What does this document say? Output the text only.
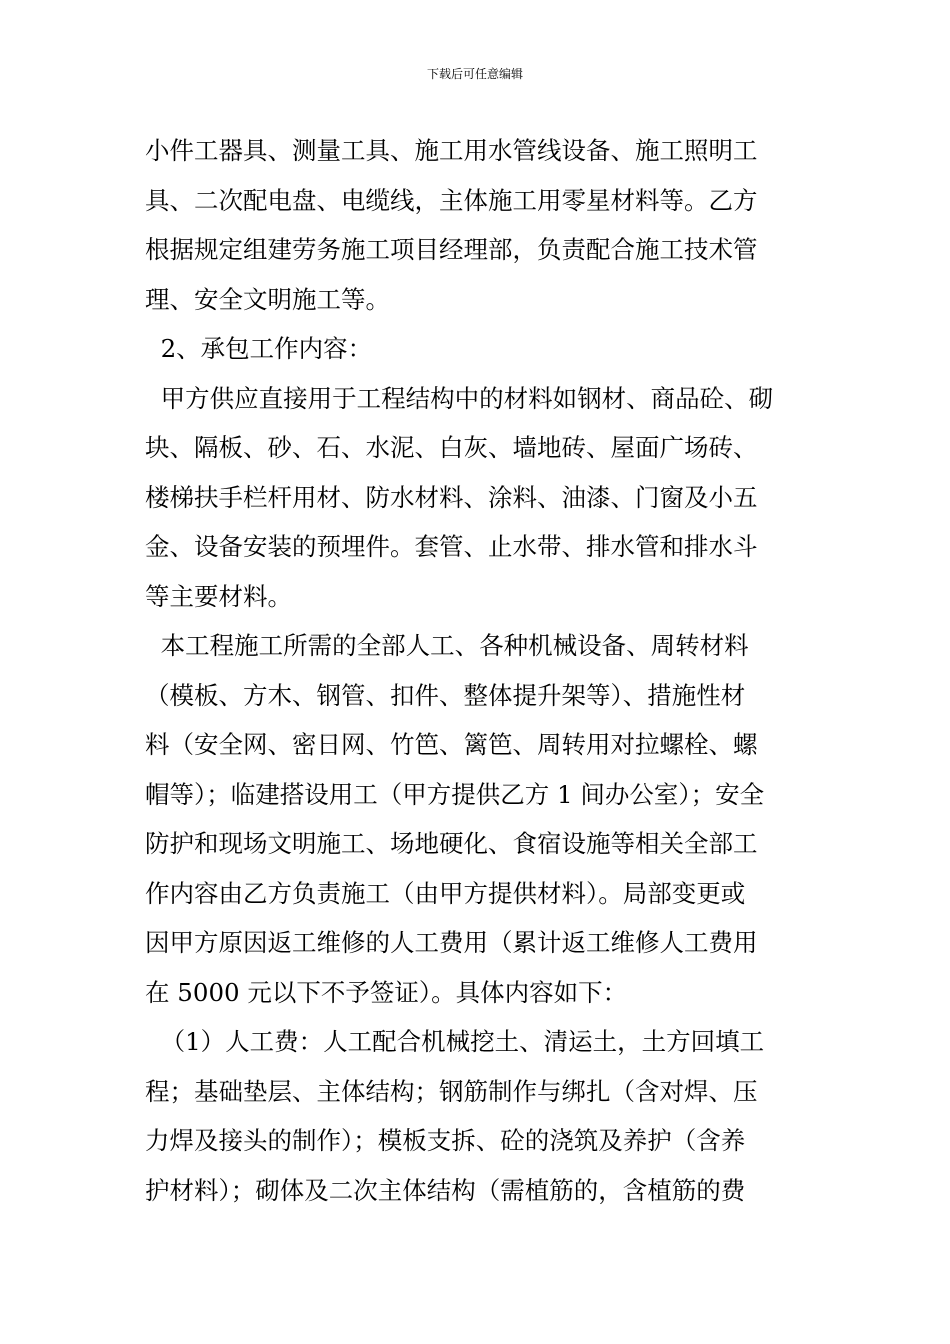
下载后可任意编辑
小件工器具、测量工具、施工用水管线设备、施工照明工
具、二次配电盘、电缆线，主体施工用零星材料等。乙方
根据规定组建劳务施工项目经理部，负责配合施工技术管
理、安全文明施工等。
2、承包工作内容：
甲方供应直接用于工程结构中的材料如钢材、商品砼、砌
块、隔板、砂、石、水泥、白灰、墙地砖、屋面广场砖、
楼梯扶手栏杆用材、防水材料、涂料、油漆、门窗及小五
金、设备安装的预埋件。套管、止水带、排水管和排水斗
等主要材料。
本工程施工所需的全部人工、各种机械设备、周转材料
（模板、方木、钢管、扣件、整体提升架等）、措施性材
料（安全网、密日网、竹笆、篱笆、周转用对拉螺栓、螺
帽等）；临建搭设用工（甲方提供乙方 1 间办公室）；安全
防护和现场文明施工、场地硬化、食宿设施等相关全部工
作内容由乙方负责施工（由甲方提供材料）。局部变更或
因甲方原因返工维修的人工费用（累计返工维修人工费用
在 5000 元以下不予签证）。具体内容如下：
（1）人工费：人工配合机械挖土、清运土，土方回填工
程；基础垫层、主体结构；钢筋制作与绑扎（含对焊、压
力焊及接头的制作）；模板支拆、砼的浇筑及养护（含养
护材料）；砌体及二次主体结构（需植筋的，含植筋的费
